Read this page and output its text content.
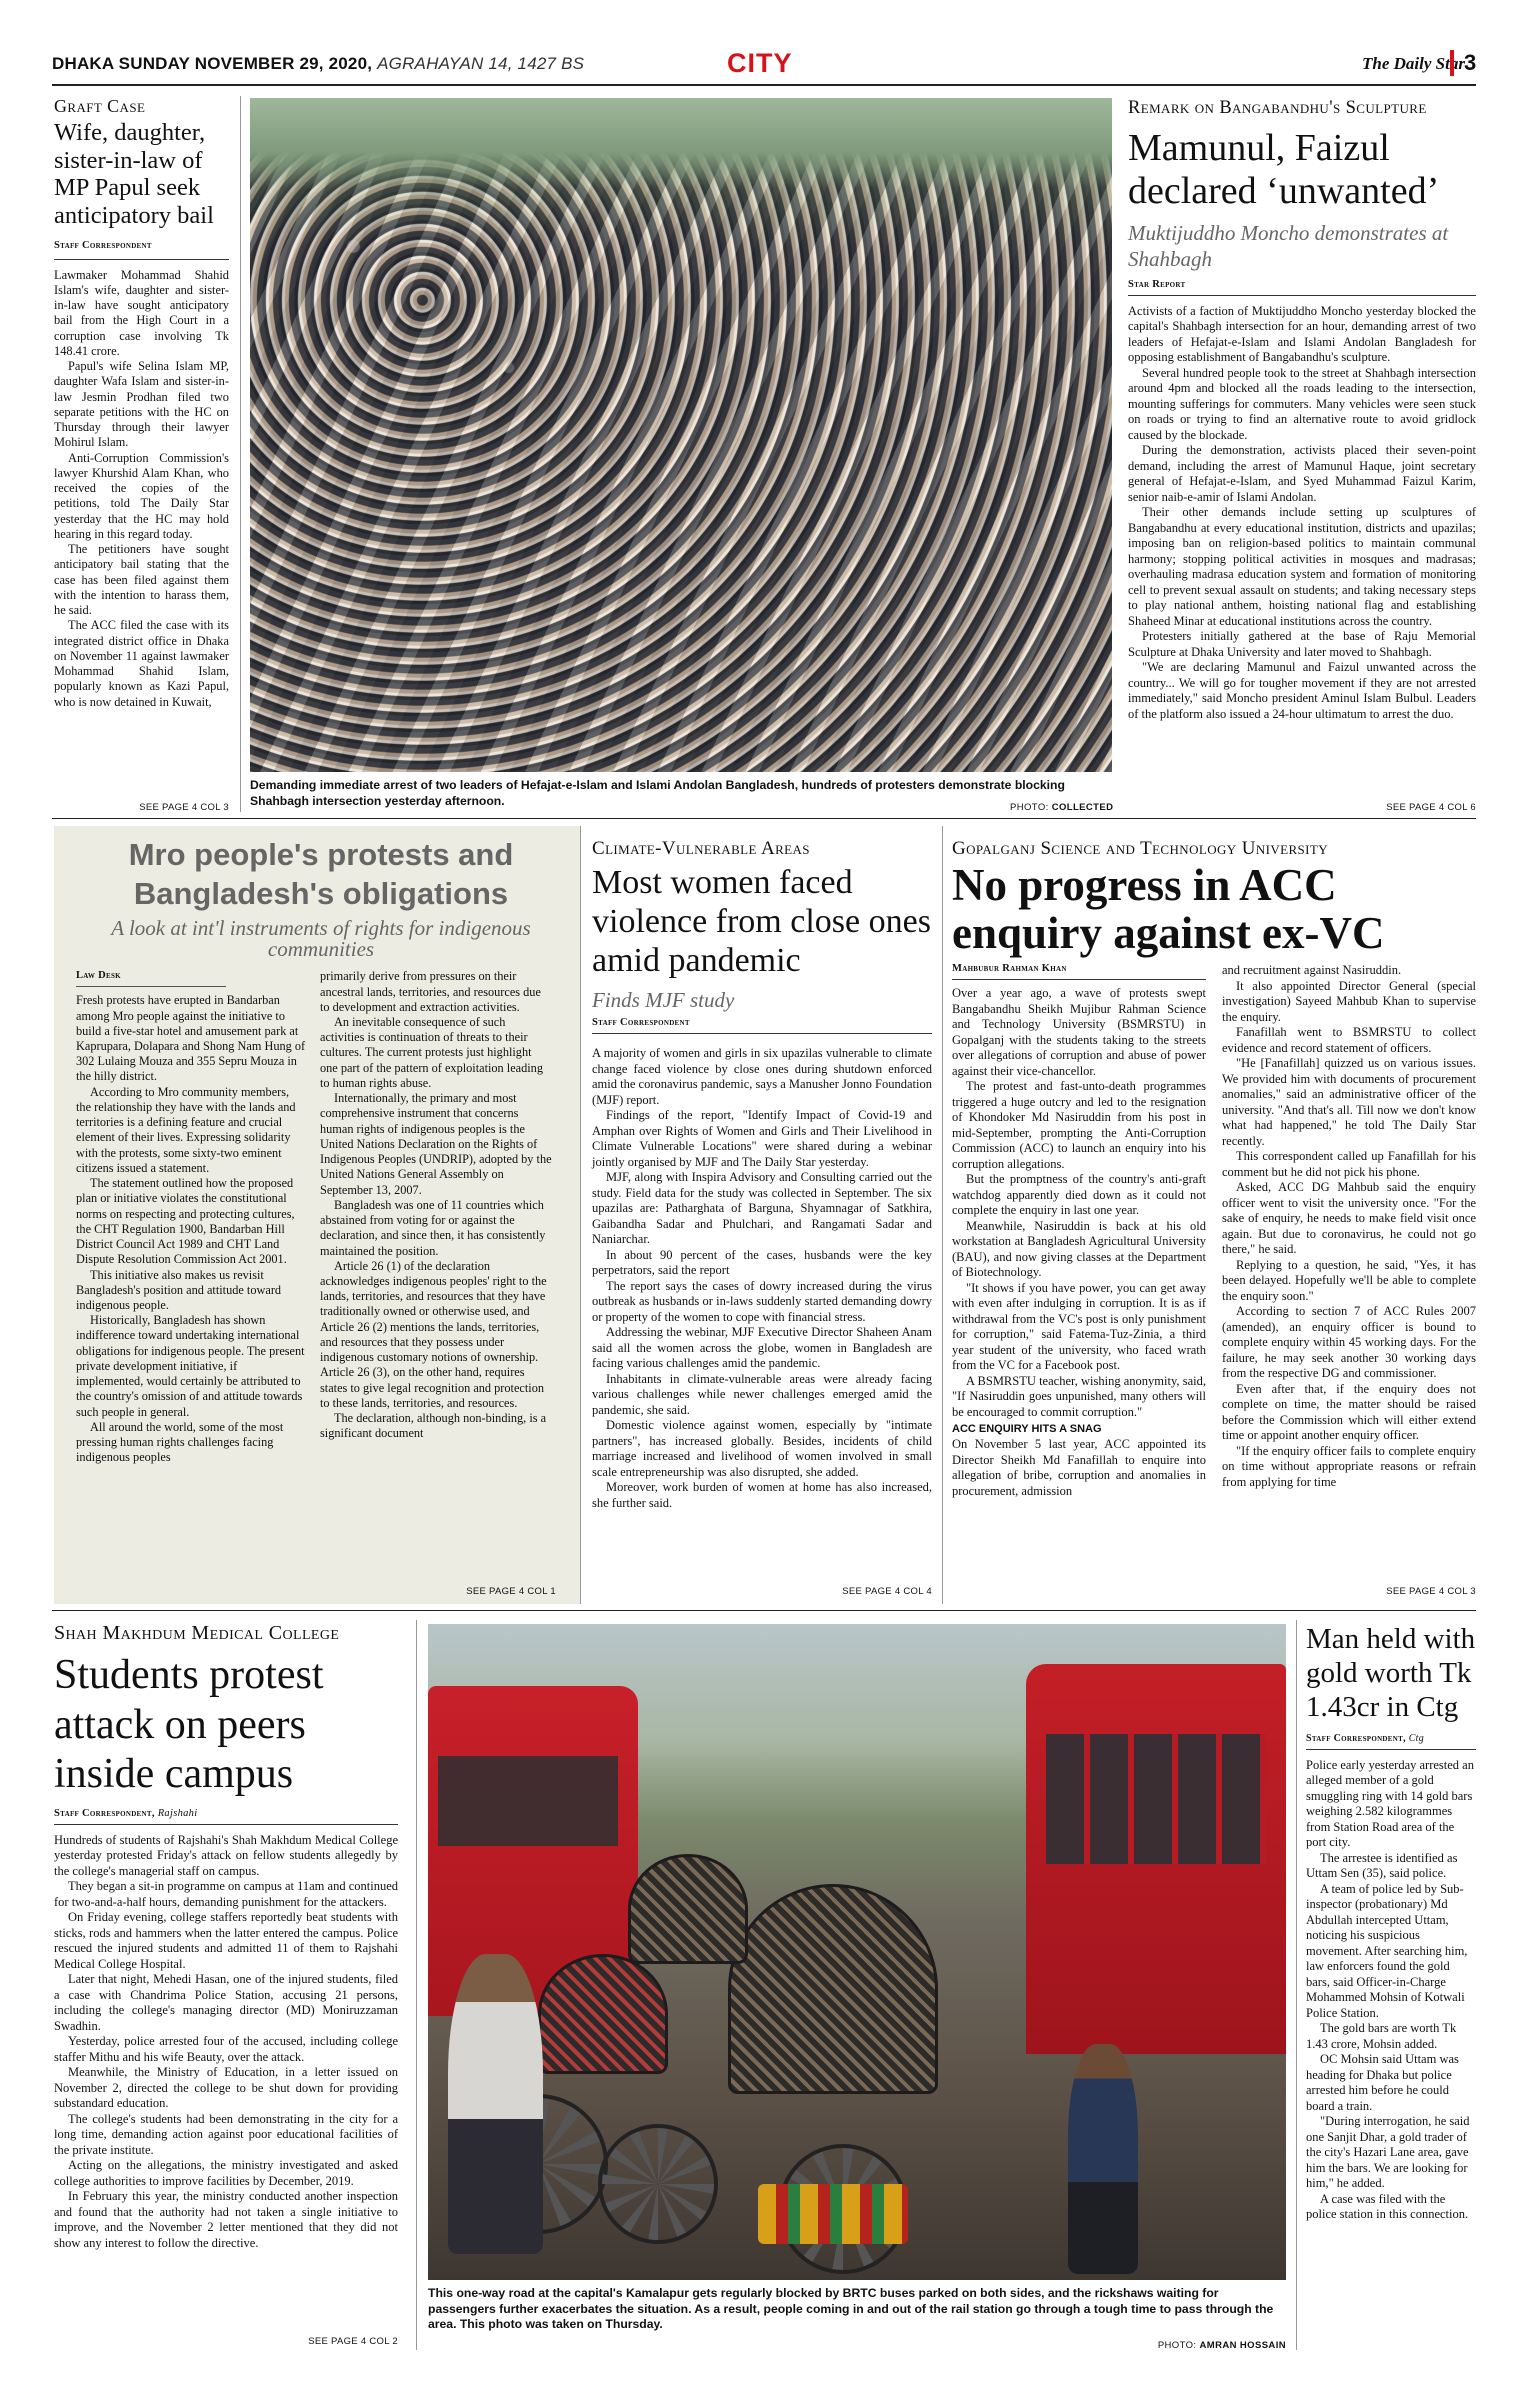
DHAKA SUNDAY NOVEMBER 29, 2020, AGRAHAYAN 14, 1427 BS	CITY	The Daily Star 3
Graft Case
Wife, daughter, sister-in-law of MP Papul seek anticipatory bail
Staff Correspondent

Lawmaker Mohammad Shahid Islam's wife, daughter and sister-in-law have sought anticipatory bail from the High Court in a corruption case involving Tk 148.41 crore.

Papul's wife Selina Islam MP, daughter Wafa Islam and sister-in-law Jesmin Prodhan filed two separate petitions with the HC on Thursday through their lawyer Mohirul Islam.

Anti-Corruption Commission's lawyer Khurshid Alam Khan, who received the copies of the petitions, told The Daily Star yesterday that the HC may hold hearing in this regard today.

The petitioners have sought anticipatory bail stating that the case has been filed against them with the intention to harass them, he said.

The ACC filed the case with its integrated district office in Dhaka on November 11 against lawmaker Mohammad Shahid Islam, popularly known as Kazi Papul, who is now detained in Kuwait,

SEE PAGE 4 COL 3
Demanding immediate arrest of two leaders of Hefajat-e-Islam and Islami Andolan Bangladesh, hundreds of protesters demonstrate blocking Shahbagh intersection yesterday afternoon.	PHOTO: COLLECTED
Remark on Bangabandhu's Sculpture
Mamunul, Faizul declared ‘unwanted’
Muktijuddho Moncho demonstrates at Shahbagh
Star Report

Activists of a faction of Muktijuddho Moncho yesterday blocked the capital's Shahbagh intersection for an hour, demanding arrest of two leaders of Hefajat-e-Islam and Islami Andolan Bangladesh for opposing establishment of Bangabandhu's sculpture.

Several hundred people took to the street at Shahbagh intersection around 4pm and blocked all the roads leading to the intersection, mounting sufferings for commuters. Many vehicles were seen stuck on roads or trying to find an alternative route to avoid gridlock caused by the blockade.

During the demonstration, activists placed their seven-point demand, including the arrest of Mamunul Haque, joint secretary general of Hefajat-e-Islam, and Syed Muhammad Faizul Karim, senior naib-e-amir of Islami Andolan.

Their other demands include setting up sculptures of Bangabandhu at every educational institution, districts and upazilas; imposing ban on religion-based politics to maintain communal harmony; stopping political activities in mosques and madrasas; overhauling madrasa education system and formation of monitoring cell to prevent sexual assault on students; and taking necessary steps to play national anthem, hoisting national flag and establishing Shaheed Minar at educational institutions across the country.

Protesters initially gathered at the base of Raju Memorial Sculpture at Dhaka University and later moved to Shahbagh.

"We are declaring Mamunul and Faizul unwanted across the country... We will go for tougher movement if they are not arrested immediately," said Moncho president Aminul Islam Bulbul. Leaders of the platform also issued a 24-hour ultimatum to arrest the duo.

SEE PAGE 4 COL 6
Mro people's protests and
Bangladesh's obligations
A look at int'l instruments of rights for indigenous communities
Law Desk

Fresh protests have erupted in Bandarban among Mro people against the initiative to build a five-star hotel and amusement park at Kaprupara, Dolapara and Shong Nam Hung of 302 Lulaing Mouza and 355 Sepru Mouza in the hilly district.

According to Mro community members, the relationship they have with the lands and territories is a defining feature and crucial element of their lives. Expressing solidarity with the protests, some sixty-two eminent citizens issued a statement.

The statement outlined how the proposed plan or initiative violates the constitutional norms on respecting and protecting cultures, the CHT Regulation 1900, Bandarban Hill District Council Act 1989 and CHT Land Dispute Resolution Commission Act 2001.

This initiative also makes us revisit Bangladesh's position and attitude toward indigenous people.

Historically, Bangladesh has shown indifference toward undertaking international obligations for indigenous people. The present private development initiative, if implemented, would certainly be attributed to the country's omission of and attitude towards such people in general.

All around the world, some of the most pressing human rights challenges facing indigenous peoples

primarily derive from pressures on their ancestral lands, territories, and resources due to development and extraction activities.

An inevitable consequence of such activities is continuation of threats to their cultures. The current protests just highlight one part of the pattern of exploitation leading to human rights abuse.

Internationally, the primary and most comprehensive instrument that concerns human rights of indigenous peoples is the United Nations Declaration on the Rights of Indigenous Peoples (UNDRIP), adopted by the United Nations General Assembly on September 13, 2007.

Bangladesh was one of 11 countries which abstained from voting for or against the declaration, and since then, it has consistently maintained the position.

Article 26 (1) of the declaration acknowledges indigenous peoples' right to the lands, territories, and resources that they have traditionally owned or otherwise used, and Article 26 (2) mentions the lands, territories, and resources that they possess under indigenous customary notions of ownership. Article 26 (3), on the other hand, requires states to give legal recognition and protection to these lands, territories, and resources.

The declaration, although non-binding, is a significant document

SEE PAGE 4 COL 1
Climate-Vulnerable Areas
Most women faced violence from close ones amid pandemic
Finds MJF study
Staff Correspondent

A majority of women and girls in six upazilas vulnerable to climate change faced violence by close ones during shutdown enforced amid the coronavirus pandemic, says a Manusher Jonno Foundation (MJF) report.

Findings of the report, "Identify Impact of Covid-19 and Amphan over Rights of Women and Girls and Their Livelihood in Climate Vulnerable Locations" were shared during a webinar jointly organised by MJF and The Daily Star yesterday.

MJF, along with Inspira Advisory and Consulting carried out the study. Field data for the study was collected in September. The six upazilas are: Patharghata of Barguna, Shyamnagar of Satkhira, Gaibandha Sadar and Phulchari, and Rangamati Sadar and Naniarchar.

In about 90 percent of the cases, husbands were the key perpetrators, said the report

The report says the cases of dowry increased during the virus outbreak as husbands or in-laws suddenly started demanding dowry or property of the women to cope with financial stress.

Addressing the webinar, MJF Executive Director Shaheen Anam said all the women across the globe, women in Bangladesh are facing various challenges amid the pandemic.

Inhabitants in climate-vulnerable areas were already facing various challenges while newer challenges emerged amid the pandemic, she said.

Domestic violence against women, especially by "intimate partners", has increased globally. Besides, incidents of child marriage increased and livelihood of women involved in small scale entrepreneurship was also disrupted, she added.

Moreover, work burden of women at home has also increased, she further said.

SEE PAGE 4 COL 4
Gopalganj Science and Technology University
No progress in ACC enquiry against ex-VC
Mahbubur Rahman Khan

Over a year ago, a wave of protests swept Bangabandhu Sheikh Mujibur Rahman Science and Technology University (BSMRSTU) in Gopalganj with the students taking to the streets over allegations of corruption and abuse of power against their vice-chancellor.

The protest and fast-unto-death programmes triggered a huge outcry and led to the resignation of Khondoker Md Nasiruddin from his post in mid-September, prompting the Anti-Corruption Commission (ACC) to launch an enquiry into his corruption allegations.

But the promptness of the country's anti-graft watchdog apparently died down as it could not complete the enquiry in last one year.

Meanwhile, Nasiruddin is back at his old workstation at Bangladesh Agricultural University (BAU), and now giving classes at the Department of Biotechnology.

"It shows if you have power, you can get away with even after indulging in corruption. It is as if withdrawal from the VC's post is only punishment for corruption," said Fatema-Tuz-Zinia, a third year student of the university, who faced wrath from the VC for a Facebook post.

A BSMRSTU teacher, wishing anonymity, said, "If Nasiruddin goes unpunished, many others will be encouraged to commit corruption."

ACC ENQUIRY HITS A SNAG

On November 5 last year, ACC appointed its Director Sheikh Md Fanafillah to enquire into allegation of bribe, corruption and anomalies in procurement, admission

and recruitment against Nasiruddin.

It also appointed Director General (special investigation) Sayeed Mahbub Khan to supervise the enquiry.

Fanafillah went to BSMRSTU to collect evidence and record statement of officers.

"He [Fanafillah] quizzed us on various issues. We provided him with documents of procurement anomalies," said an administrative officer of the university. "And that's all. Till now we don't know what had happened," he told The Daily Star recently.

This correspondent called up Fanafillah for his comment but he did not pick his phone.

Asked, ACC DG Mahbub said the enquiry officer went to visit the university once. "For the sake of enquiry, he needs to make field visit once again. But due to coronavirus, he could not go there," he said.

Replying to a question, he said, "Yes, it has been delayed. Hopefully we'll be able to complete the enquiry soon."

According to section 7 of ACC Rules 2007 (amended), an enquiry officer is bound to complete enquiry within 45 working days. For the failure, he may seek another 30 working days from the respective DG and commissioner.

Even after that, if the enquiry does not complete on time, the matter should be raised before the Commission which will either extend time or appoint another enquiry officer.

"If the enquiry officer fails to complete enquiry on time without appropriate reasons or refrain from applying for time

SEE PAGE 4 COL 3
Shah Makhdum Medical College
Students protest attack on peers inside campus
Staff Correspondent, Rajshahi

Hundreds of students of Rajshahi's Shah Makhdum Medical College yesterday protested Friday's attack on fellow students allegedly by the college's managerial staff on campus.

They began a sit-in programme on campus at 11am and continued for two-and-a-half hours, demanding punishment for the attackers.

On Friday evening, college staffers reportedly beat students with sticks, rods and hammers when the latter entered the campus. Police rescued the injured students and admitted 11 of them to Rajshahi Medical College Hospital.

Later that night, Mehedi Hasan, one of the injured students, filed a case with Chandrima Police Station, accusing 21 persons, including the college's managing director (MD) Moniruzzaman Swadhin.

Yesterday, police arrested four of the accused, including college staffer Mithu and his wife Beauty, over the attack.

Meanwhile, the Ministry of Education, in a letter issued on November 2, directed the college to be shut down for providing substandard education.

The college's students had been demonstrating in the city for a long time, demanding action against poor educational facilities of the private institute.

Acting on the allegations, the ministry investigated and asked college authorities to improve facilities by December, 2019.

In February this year, the ministry conducted another inspection and found that the authority had not taken a single initiative to improve, and the November 2 letter mentioned that they did not show any interest to follow the directive.

SEE PAGE 4 COL 2
This one-way road at the capital's Kamalapur gets regularly blocked by BRTC buses parked on both sides, and the rickshaws waiting for passengers further exacerbates the situation. As a result, people coming in and out of the rail station go through a tough time to pass through the area. This photo was taken on Thursday.
PHOTO: AMRAN HOSSAIN
Man held with gold worth Tk 1.43cr in Ctg
Staff Correspondent, Ctg

Police early yesterday arrested an alleged member of a gold smuggling ring with 14 gold bars weighing 2.582 kilogrammes from Station Road area of the port city.

The arrestee is identified as Uttam Sen (35), said police.

A team of police led by Sub-inspector (probationary) Md Abdullah intercepted Uttam, noticing his suspicious movement. After searching him, law enforcers found the gold bars, said Officer-in-Charge Mohammed Mohsin of Kotwali Police Station.

The gold bars are worth Tk 1.43 crore, Mohsin added.

OC Mohsin said Uttam was heading for Dhaka but police arrested him before he could board a train.

"During interrogation, he said one Sanjit Dhar, a gold trader of the city's Hazari Lane area, gave him the bars. We are looking for him," he added.

A case was filed with the police station in this connection.
